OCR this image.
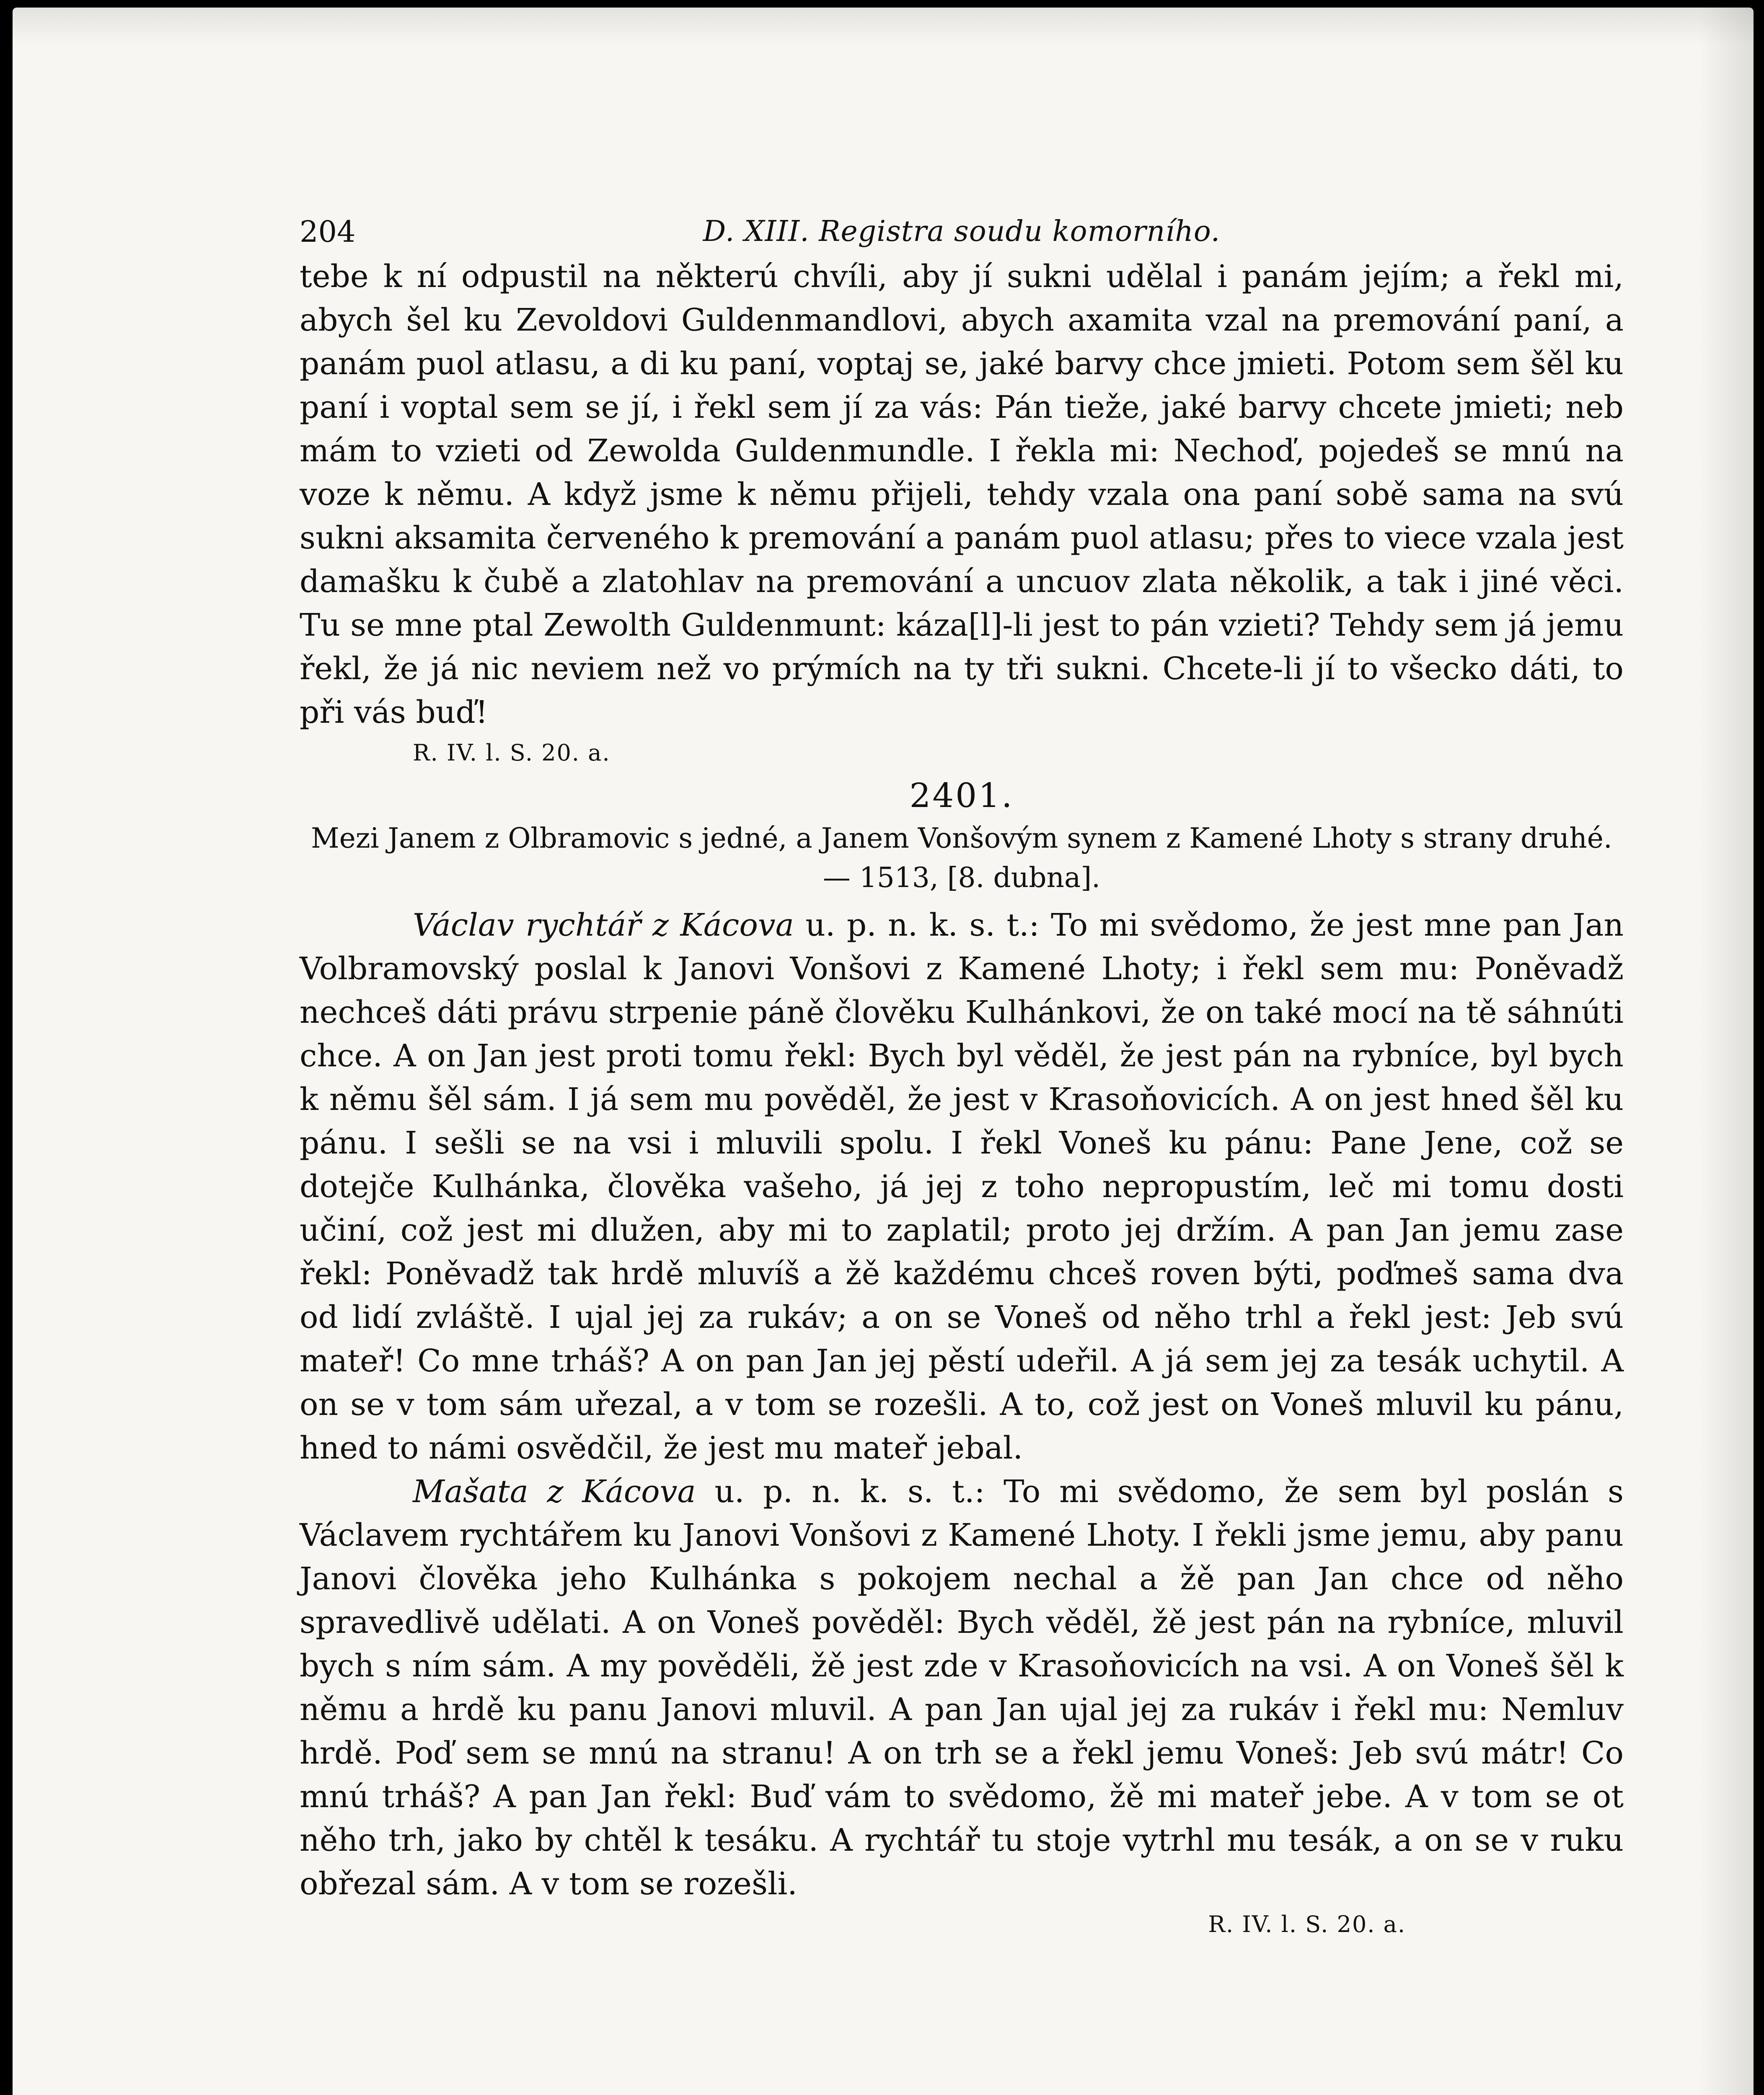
204	D. XIII. Registra soudu komorního.

tebe k ní odpustil na některú chvíli, aby jí sukni udělal i panám jejím; a řekl mi, abych šel ku Zevoldovi Guldenmandlovi, abych axamita vzal na premování paní, a panám puol atlasu, a di ku paní, voptaj se, jaké barvy chce jmieti. Potom sem šěl ku paní i voptal sem se jí, i řekl sem jí za vás: Pán tieže, jaké barvy chcete jmieti; neb mám to vzieti od Zewolda Guldenmundle. I řekla mi: Nechoď, pojedeš se mnú na voze k němu. A když jsme k němu přijeli, tehdy vzala ona paní sobě sama na svú sukni aksamita červeného k premování a panám puol atlasu; přes to viece vzala jest damašku k čubě a zlatohlav na premování a uncuov zlata několik, a tak i jiné věci. Tu se mne ptal Zewolth Guldenmunt: káza[l]-li jest to pán vzieti? Tehdy sem já jemu řekl, že já nic neviem než vo prýmích na ty tři sukni. Chcete-li jí to všecko dáti, to při vás buď!

R. IV. l. S. 20. a.

2401.

Mezi Janem z Olbramovic s jedné, a Janem Vonšovým synem z Kamené Lhoty s strany druhé. — 1513, [8. dubna].

Václav rychtář z Kácova u. p. n. k. s. t.: To mi svědomo, že jest mne pan Jan Volbramovský poslal k Janovi Vonšovi z Kamené Lhoty; i řekl sem mu: Poněvadž nechceš dáti právu strpenie páně člověku Kulhánkovi, že on také mocí na tě sáhnúti chce. A on Jan jest proti tomu řekl: Bych byl věděl, že jest pán na rybníce, byl bych k němu šěl sám. I já sem mu pověděl, že jest v Krasoňovicích. A on jest hned šěl ku pánu. I sešli se na vsi i mluvili spolu. I řekl Voneš ku pánu: Pane Jene, což se dotejče Kulhánka, člověka vašeho, já jej z toho nepropustím, leč mi tomu dosti učiní, což jest mi dlužen, aby mi to zaplatil; proto jej držím. A pan Jan jemu zase řekl: Poněvadž tak hrdě mluvíš a žě každému chceš roven býti, poďmeš sama dva od lidí zvláště. I ujal jej za rukáv; a on se Voneš od něho trhl a řekl jest: Jeb svú mateř! Co mne trháš? A on pan Jan jej pěstí udeřil. A já sem jej za tesák uchytil. A on se v tom sám uřezal, a v tom se rozešli. A to, což jest on Voneš mluvil ku pánu, hned to námi osvědčil, že jest mu mateř jebal.

Mašata z Kácova u. p. n. k. s. t.: To mi svědomo, že sem byl poslán s Václavem rychtářem ku Janovi Vonšovi z Kamené Lhoty. I řekli jsme jemu, aby panu Janovi člověka jeho Kulhánka s pokojem nechal a žě pan Jan chce od něho spravedlivě udělati. A on Voneš pověděl: Bych věděl, žě jest pán na rybníce, mluvil bych s ním sám. A my pověděli, žě jest zde v Krasoňovicích na vsi. A on Voneš šěl k němu a hrdě ku panu Janovi mluvil. A pan Jan ujal jej za rukáv i řekl mu: Nemluv hrdě. Poď sem se mnú na stranu! A on trh se a řekl jemu Voneš: Jeb svú mátr! Co mnú trháš? A pan Jan řekl: Buď vám to svědomo, žě mi mateř jebe. A v tom se ot něho trh, jako by chtěl k tesáku. A rychtář tu stoje vytrhl mu tesák, a on se v ruku obřezal sám. A v tom se rozešli.

R. IV. l. S. 20. a.
